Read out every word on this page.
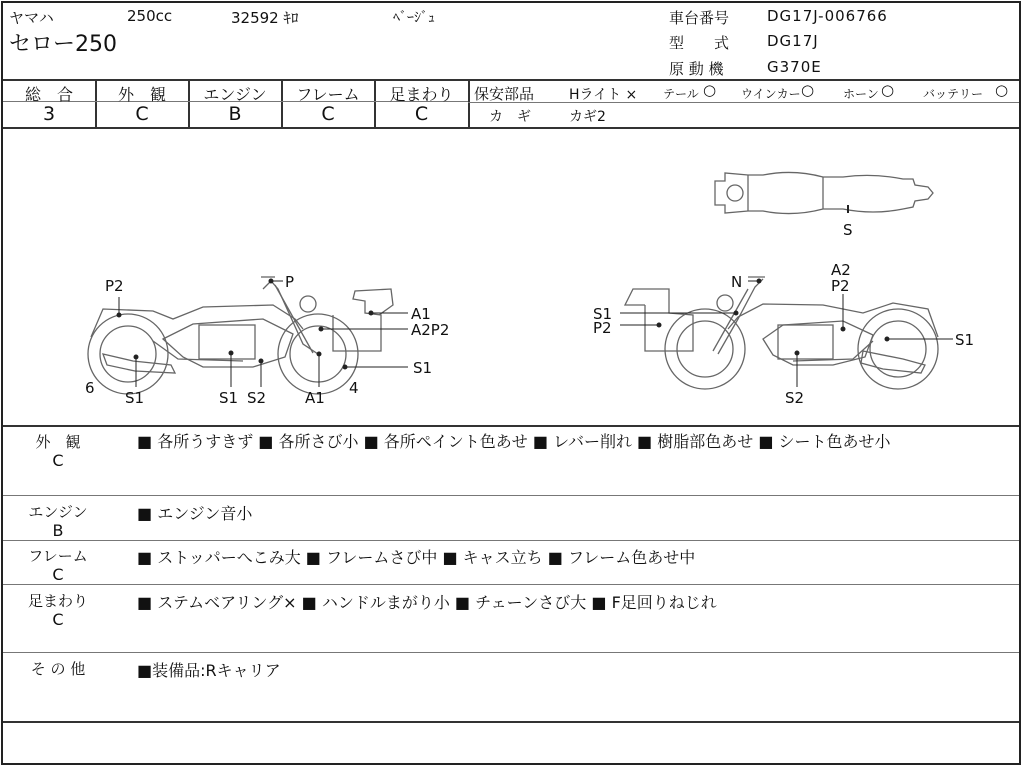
ヤマハ	250cc	32592 ｷﾛ	ﾍﾞｰｼﾞｭ
セロー250
車台番号	DG17J-006766
型　　式	DG17J
原 動 機	G370E
総　合
3
外　観
C
エンジン
B
フレーム
C
足まわり
C
保安部品 Hライト × テール ○ ウインカー ○ ホーン ○ バッテリー ○
カ　ギ	カギ2
S
P2	P
A1
A2P2
S1
6
S1	S1 S2	A1
4
N
A2
P2
S1
P2
S1
S2
外　観
C
■ 各所うすきず ■ 各所さび小 ■ 各所ペイント色あせ ■ レバー削れ ■ 樹脂部色あせ ■ シート色あせ小
エンジン
B
■ エンジン音小
フレーム
C
■ ストッパーへこみ大 ■ フレームさび中 ■ キャス立ち ■ フレーム色あせ中
足まわり
C
■ ステムベアリング× ■ ハンドルまがり小 ■ チェーンさび大 ■ F足回りねじれ
そ の 他	■装備品:Rキャリア
